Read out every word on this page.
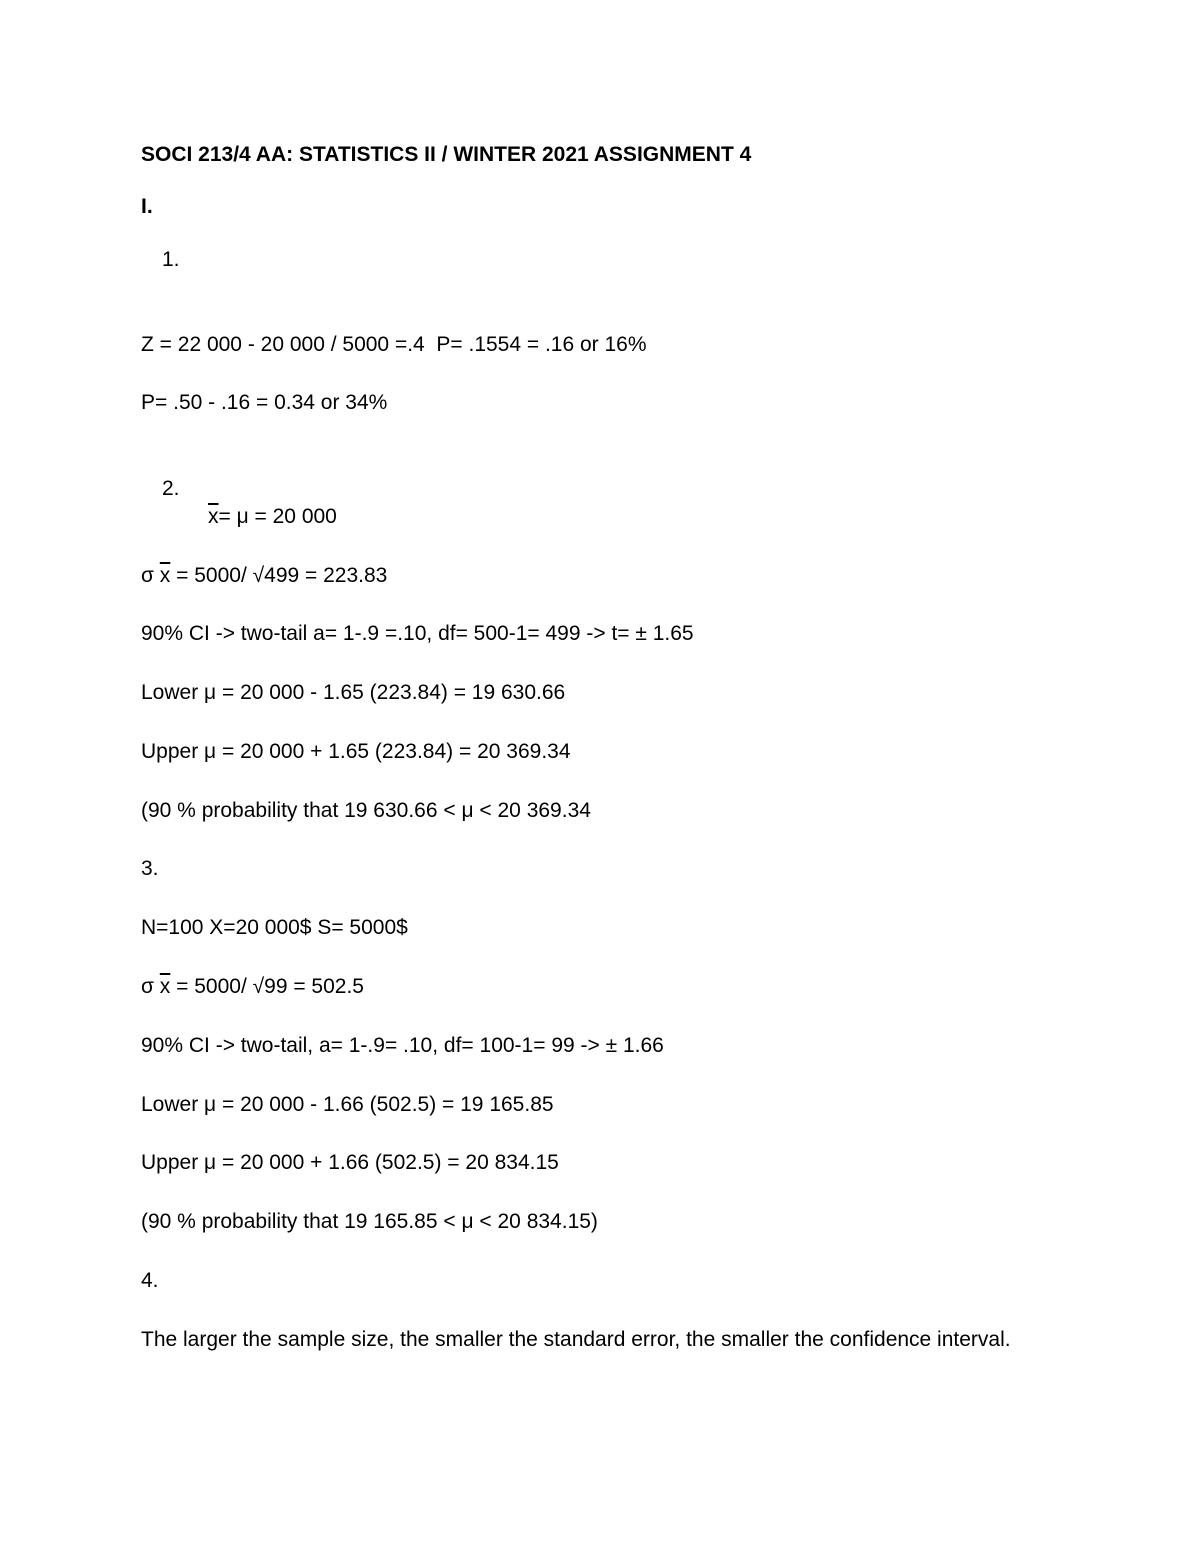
SOCI 213/4 AA: STATISTICS II / WINTER 2021 ASSIGNMENT 4

I.

1.

Z = 22 000 - 20 000 / 5000 =.4  P= .1554 = .16 or 16%

P= .50 - .16 = 0.34 or 34%

2.

$\overline{x}= \mu = 20$ 000

σ $\overline{x} = 5000/$ √499 = 223.83

90% CI -> two-tail a= 1-.9 =.10, df= 500-1= 499 -> t= ± 1.65

Lower μ = 20 000 - 1.65 (223.84) = 19 630.66

Upper μ = 20 000 + 1.65 (223.84) = 20 369.34

(90 % probability that 19 630.66 < μ < 20 369.34

3.

N=100 X=20 000$ S= 5000$

σ $\overline{x} = 5000/$ √99 = 502.5

90% CI -> two-tail, a= 1-.9= .10, df= 100-1= 99 -> ± 1.66

Lower μ = 20 000 - 1.66 (502.5) = 19 165.85

Upper μ = 20 000 + 1.66 (502.5) = 20 834.15

(90 % probability that 19 165.85 < μ < 20 834.15)

4.

The larger the sample size, the smaller the standard error, the smaller the confidence interval.
